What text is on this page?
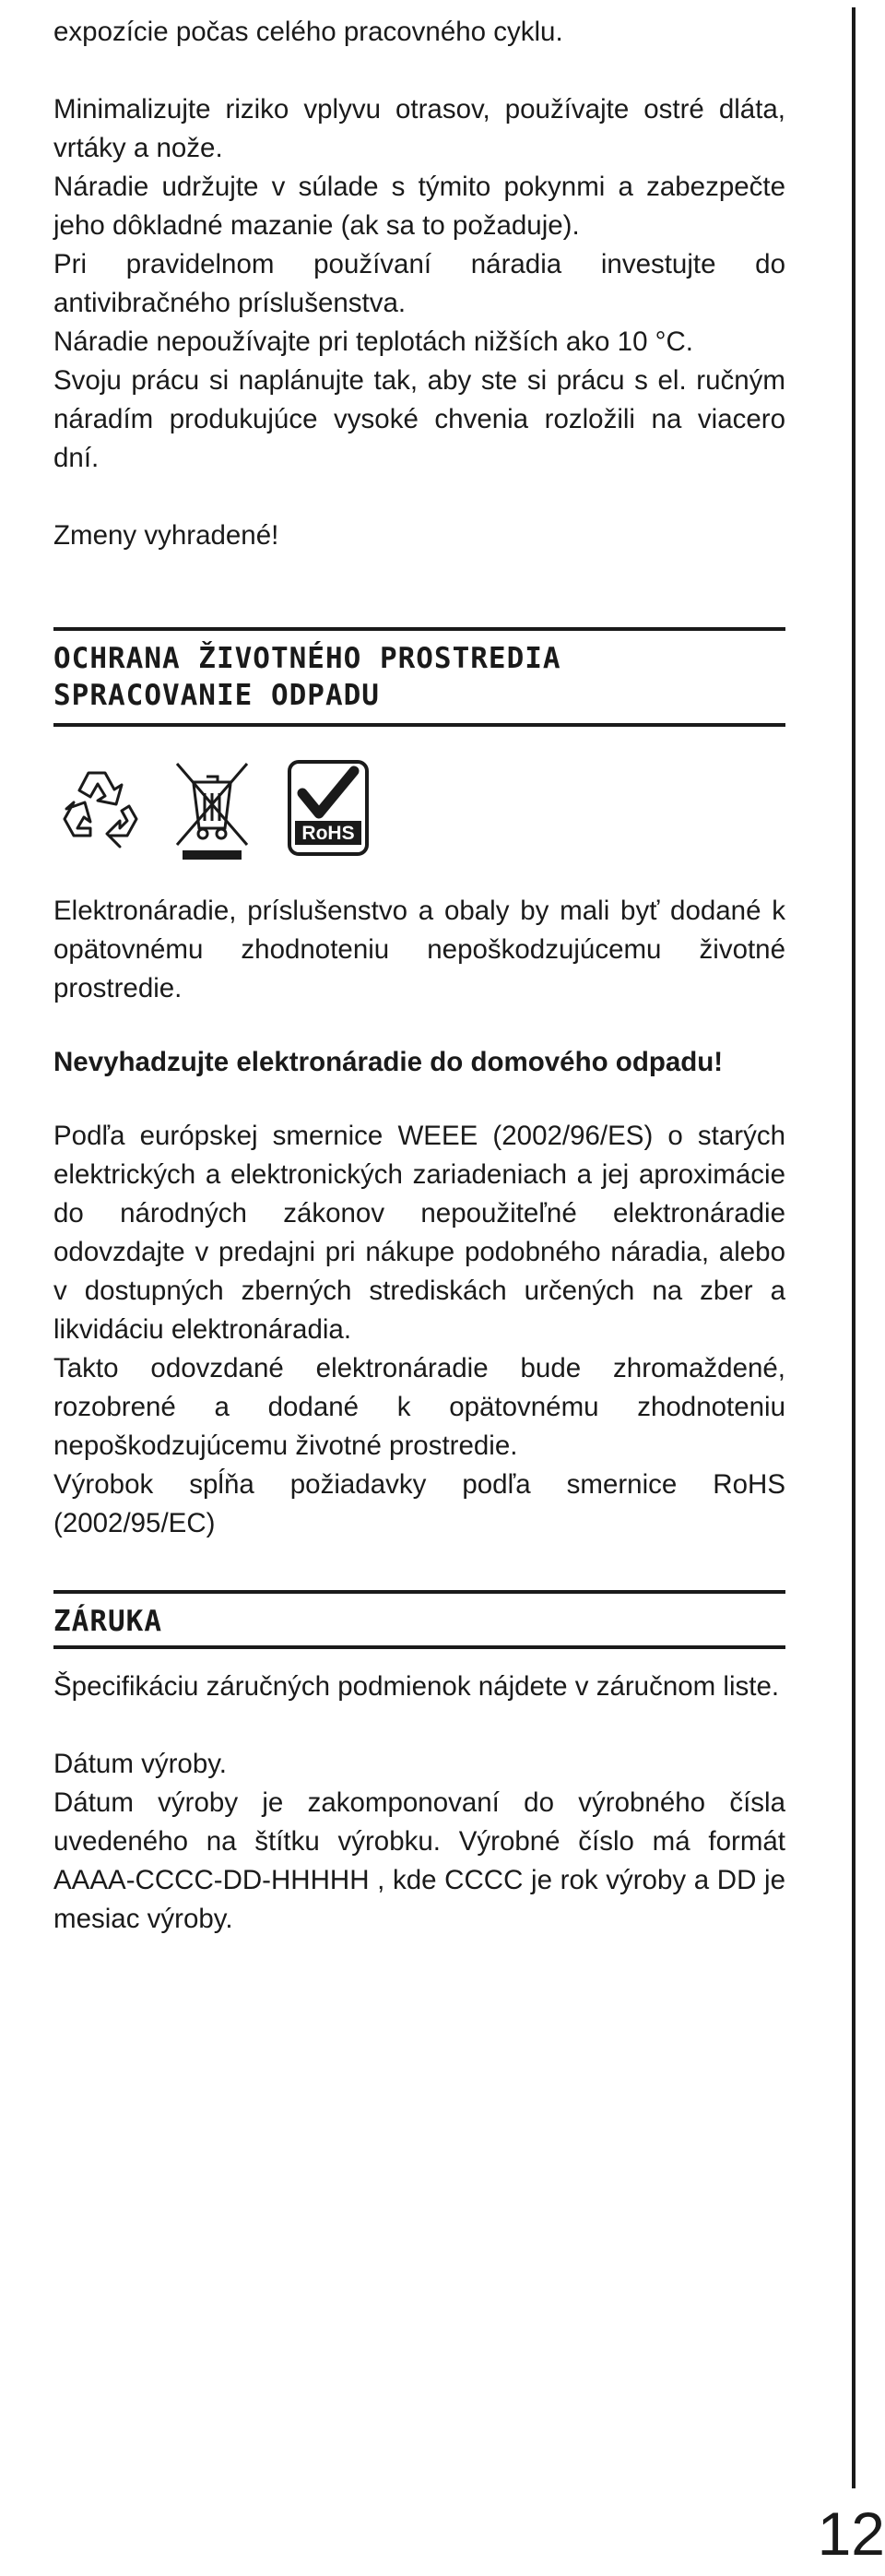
expozície počas celého pracovného cyklu.

Minimalizujte riziko vplyvu otrasov, používajte ostré dláta, vrtáky a nože.

Náradie udržujte v súlade s týmito pokynmi a zabezpečte jeho dôkladné mazanie (ak sa to požaduje).

Pri pravidelnom používaní náradia investujte do antivibračného príslušenstva.

Náradie nepoužívajte pri teplotách nižších ako 10 °C.

Svoju prácu si naplánujte tak, aby ste si prácu s el. ručným náradím produkujúce vysoké chvenia rozložili na viacero dní.

Zmeny vyhradené!

OCHRANA ŽIVOTNÉHO PROSTREDIA

SPRACOVANIE ODPADU

RoHS
2002/95/EC

Elektronáradie, príslušenstvo a obaly by mali byť dodané k opätovnému zhodnoteniu nepoškodzujúcemu životné prostredie.

Nevyhadzujte elektronáradie do domového odpadu!

Podľa európskej smernice WEEE (2002/96/ES) o starých elektrických a elektronických zariadeniach a jej aproximácie do národných zákonov nepoužiteľné elektronáradie odovzdajte v predajni pri nákupe podobného náradia, alebo v dostupných zberných strediskách určených na zber a likvidáciu elektronáradia.

Takto odovzdané elektronáradie bude zhromaždené, rozobrené a dodané k opätovnému zhodnoteniu nepoškodzujúcemu životné prostredie.

Výrobok spĺňa požiadavky podľa smernice RoHS (2002/95/EC)

ZÁRUKA

Špecifikáciu záručných podmienok nájdete v záručnom liste.

Dátum výroby.

Dátum výroby je zakomponovaní do výrobného čísla uvedeného na štítku výrobku. Výrobné číslo má formát AAAA-CCCC-DD-HHHHH , kde CCCC je rok výroby a DD je mesiac výroby.

12
